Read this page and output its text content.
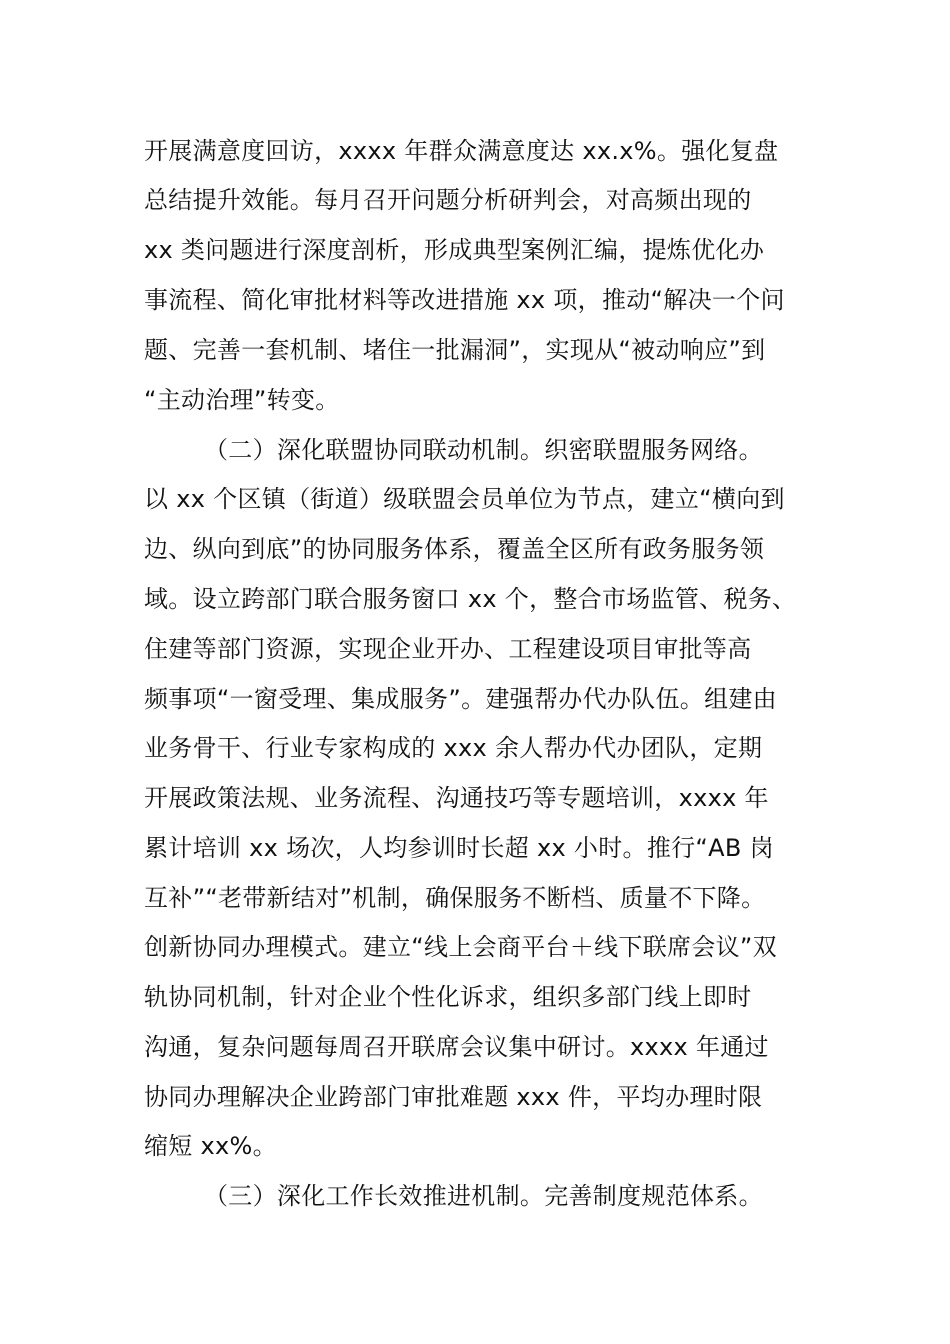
开展满意度回访，xxxx 年群众满意度达 xx.x%。强化复盘
总结提升效能。每月召开问题分析研判会，对高频出现的
xx 类问题进行深度剖析，形成典型案例汇编，提炼优化办
事流程、简化审批材料等改进措施 xx 项，推动“解决一个问
题、完善一套机制、堵住一批漏洞”，实现从“被动响应”到
“主动治理”转变。
（二）深化联盟协同联动机制。织密联盟服务网络。
以 xx 个区镇（街道）级联盟会员单位为节点，建立“横向到
边、纵向到底”的协同服务体系，覆盖全区所有政务服务领
域。设立跨部门联合服务窗口 xx 个，整合市场监管、税务、
住建等部门资源，实现企业开办、工程建设项目审批等高
频事项“一窗受理、集成服务”。建强帮办代办队伍。组建由
业务骨干、行业专家构成的 xxx 余人帮办代办团队，定期
开展政策法规、业务流程、沟通技巧等专题培训，xxxx 年
累计培训 xx 场次，人均参训时长超 xx 小时。推行“AB 岗
互补”“老带新结对”机制，确保服务不断档、质量不下降。
创新协同办理模式。建立“线上会商平台＋线下联席会议”双
轨协同机制，针对企业个性化诉求，组织多部门线上即时
沟通，复杂问题每周召开联席会议集中研讨。xxxx 年通过
协同办理解决企业跨部门审批难题 xxx 件，平均办理时限
缩短 xx%。
（三）深化工作长效推进机制。完善制度规范体系。
